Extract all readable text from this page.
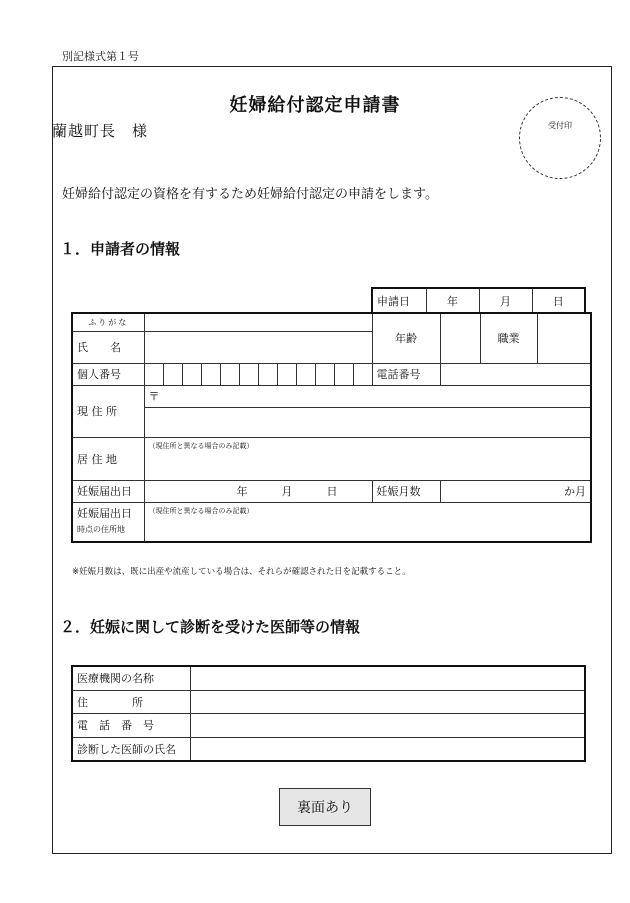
別記様式第１号
妊婦給付認定申請書
蘭越町長　様	受付印
妊婦給付認定の資格を有するため妊婦給付認定の申請をします。
１．申請者の情報
申請日	年	月	日
ふりがな													年齢		職業	
氏　　名																
個人番号													電話番号			
現 住 所	〒															

居 住 地	（現住所と異なる場合のみ記載）															
妊娠届出日	年 月 日												妊娠月数	か月		

妊娠届出日
時点の住所地	（現住所と異なる場合のみ記載）															
※妊娠月数は、既に出産や流産している場合は、それらが確認された日を記載すること。
２．妊娠に関して診断を受けた医師等の情報
医療機関の名称	
住　　　　所	
電　話　番　号	
診断した医師の氏名	
裏面あり
